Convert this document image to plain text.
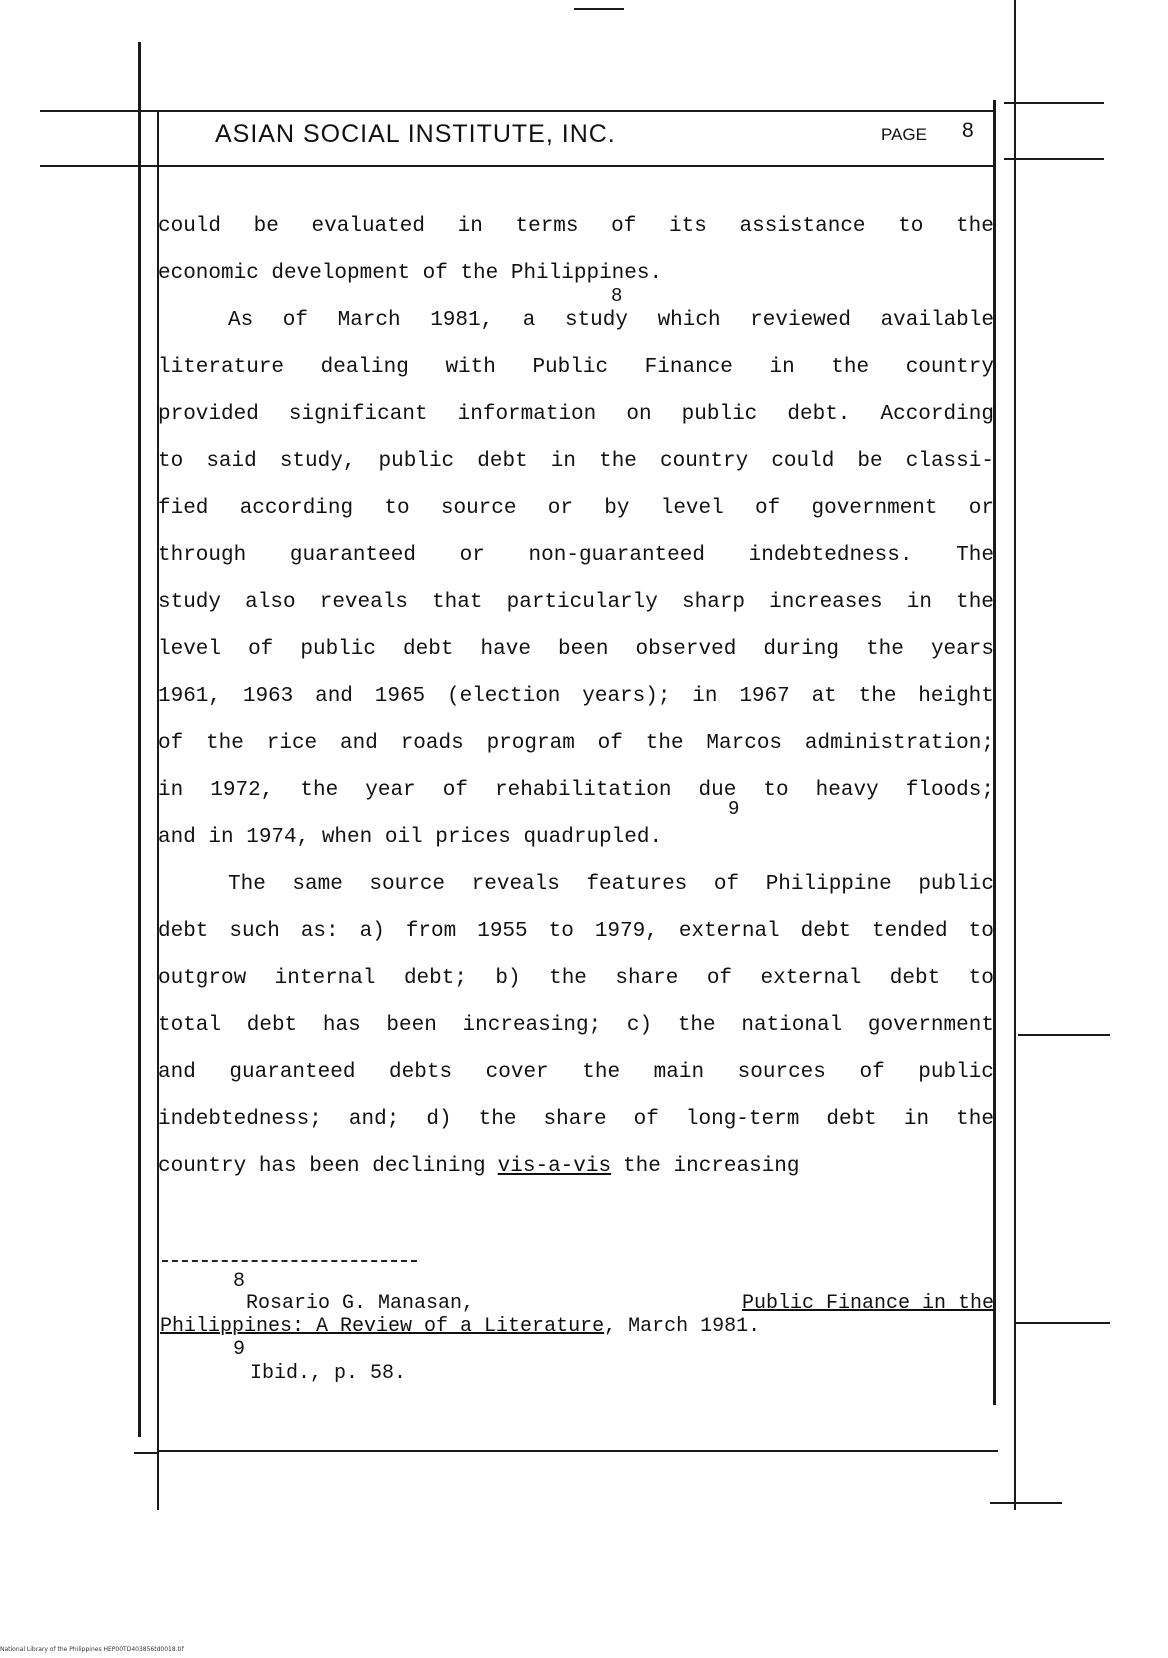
ASIAN SOCIAL INSTITUTE, INC.	PAGE 8
could be evaluated in terms of its assistance to the
economic development of the Philippines.
As of March 1981, a study which reviewed available
literature dealing with Public Finance in the country
provided significant information on public debt. According
to said study, public debt in the country could be classi-
fied according to source or by level of government or
through guaranteed or non-guaranteed indebtedness. The
study also reveals that particularly sharp increases in the
level of public debt have been observed during the years
1961, 1963 and 1965 (election years); in 1967 at the height
of the rice and roads program of the Marcos administration;
in 1972, the year of rehabilitation due to heavy floods;
and in 1974, when oil prices quadrupled.
The same source reveals features of Philippine public
debt such as: a) from 1955 to 1979, external debt tended to
outgrow internal debt; b) the share of external debt to
total debt has been increasing; c) the national government
and guaranteed debts cover the main sources of public
indebtedness; and; d) the share of long-term debt in the
country has been declining vis-a-vis the increasing
8
9
8
Rosario G. Manasan,	Public Finance in the
Philippines: A Review of a Literature, March 1981.
9
Ibid., p. 58.
National Library of the Philippines HEP00TD403856td0018.tif
